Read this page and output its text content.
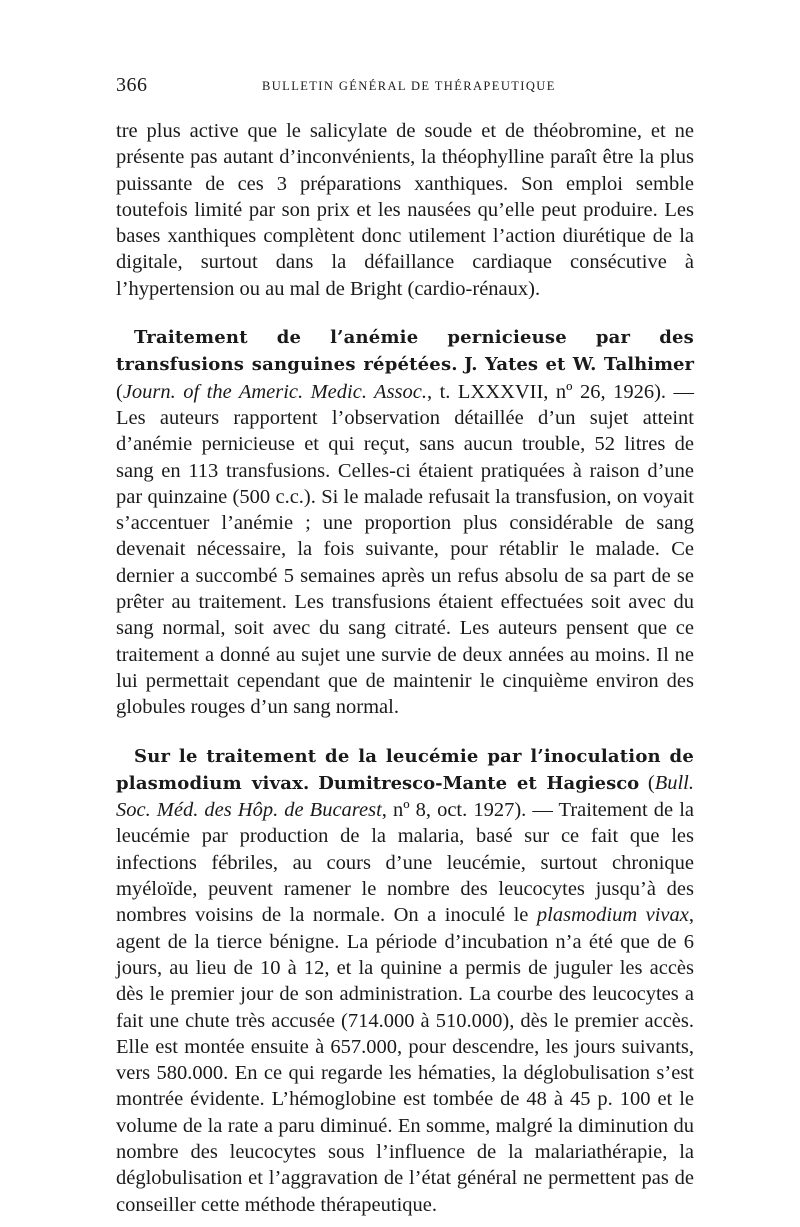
366	BULLETIN GÉNÉRAL DE THÉRAPEUTIQUE

tre plus active que le salicylate de soude et de théobromine, et ne présente pas autant d’inconvénients, la théophylline paraît être la plus puissante de ces 3 préparations xanthiques. Son emploi semble toutefois limité par son prix et les nausées qu’elle peut produire. Les bases xanthiques complètent donc utilement l’action diurétique de la digitale, surtout dans la défaillance cardiaque consécutive à l’hypertension ou au mal de Bright (cardio-rénaux).

Traitement de l’anémie pernicieuse par des transfusions sanguines répétées. J. Yates et W. Talhimer (Journ. of the Americ. Medic. Assoc., t. LXXXVII, nº 26, 1926). — Les auteurs rapportent l’observation détaillée d’un sujet atteint d’anémie pernicieuse et qui reçut, sans aucun trouble, 52 litres de sang en 113 transfusions. Celles-ci étaient pratiquées à raison d’une par quinzaine (500 c.c.). Si le malade refusait la transfusion, on voyait s’accentuer l’anémie ; une proportion plus considérable de sang devenait nécessaire, la fois suivante, pour rétablir le malade. Ce dernier a succombé 5 semaines après un refus absolu de sa part de se prêter au traitement. Les transfusions étaient effectuées soit avec du sang normal, soit avec du sang citraté. Les auteurs pensent que ce traitement a donné au sujet une survie de deux années au moins. Il ne lui permettait cependant que de maintenir le cinquième environ des globules rouges d’un sang normal.

Sur le traitement de la leucémie par l’inoculation de plasmodium vivax. Dumitresco-Mante et Hagiesco (Bull. Soc. Méd. des Hôp. de Bucarest, nº 8, oct. 1927). — Traitement de la leucémie par production de la malaria, basé sur ce fait que les infections fébriles, au cours d’une leucémie, surtout chronique myéloïde, peuvent ramener le nombre des leucocytes jusqu’à des nombres voisins de la normale. On a inoculé le plasmodium vivax, agent de la tierce bénigne. La période d’incubation n’a été que de 6 jours, au lieu de 10 à 12, et la quinine a permis de juguler les accès dès le premier jour de son administration. La courbe des leucocytes a fait une chute très accusée (714.000 à 510.000), dès le premier accès. Elle est montée ensuite à 657.000, pour descendre, les jours suivants, vers 580.000. En ce qui regarde les hématies, la déglobulisation s’est montrée évidente. L’hémoglobine est tombée de 48 à 45 p. 100 et le volume de la rate a paru diminué. En somme, malgré la diminution du nombre des leucocytes sous l’influence de la malariathérapie, la déglobulisation et l’aggravation de l’état général ne permettent pas de conseiller cette méthode thérapeutique.
